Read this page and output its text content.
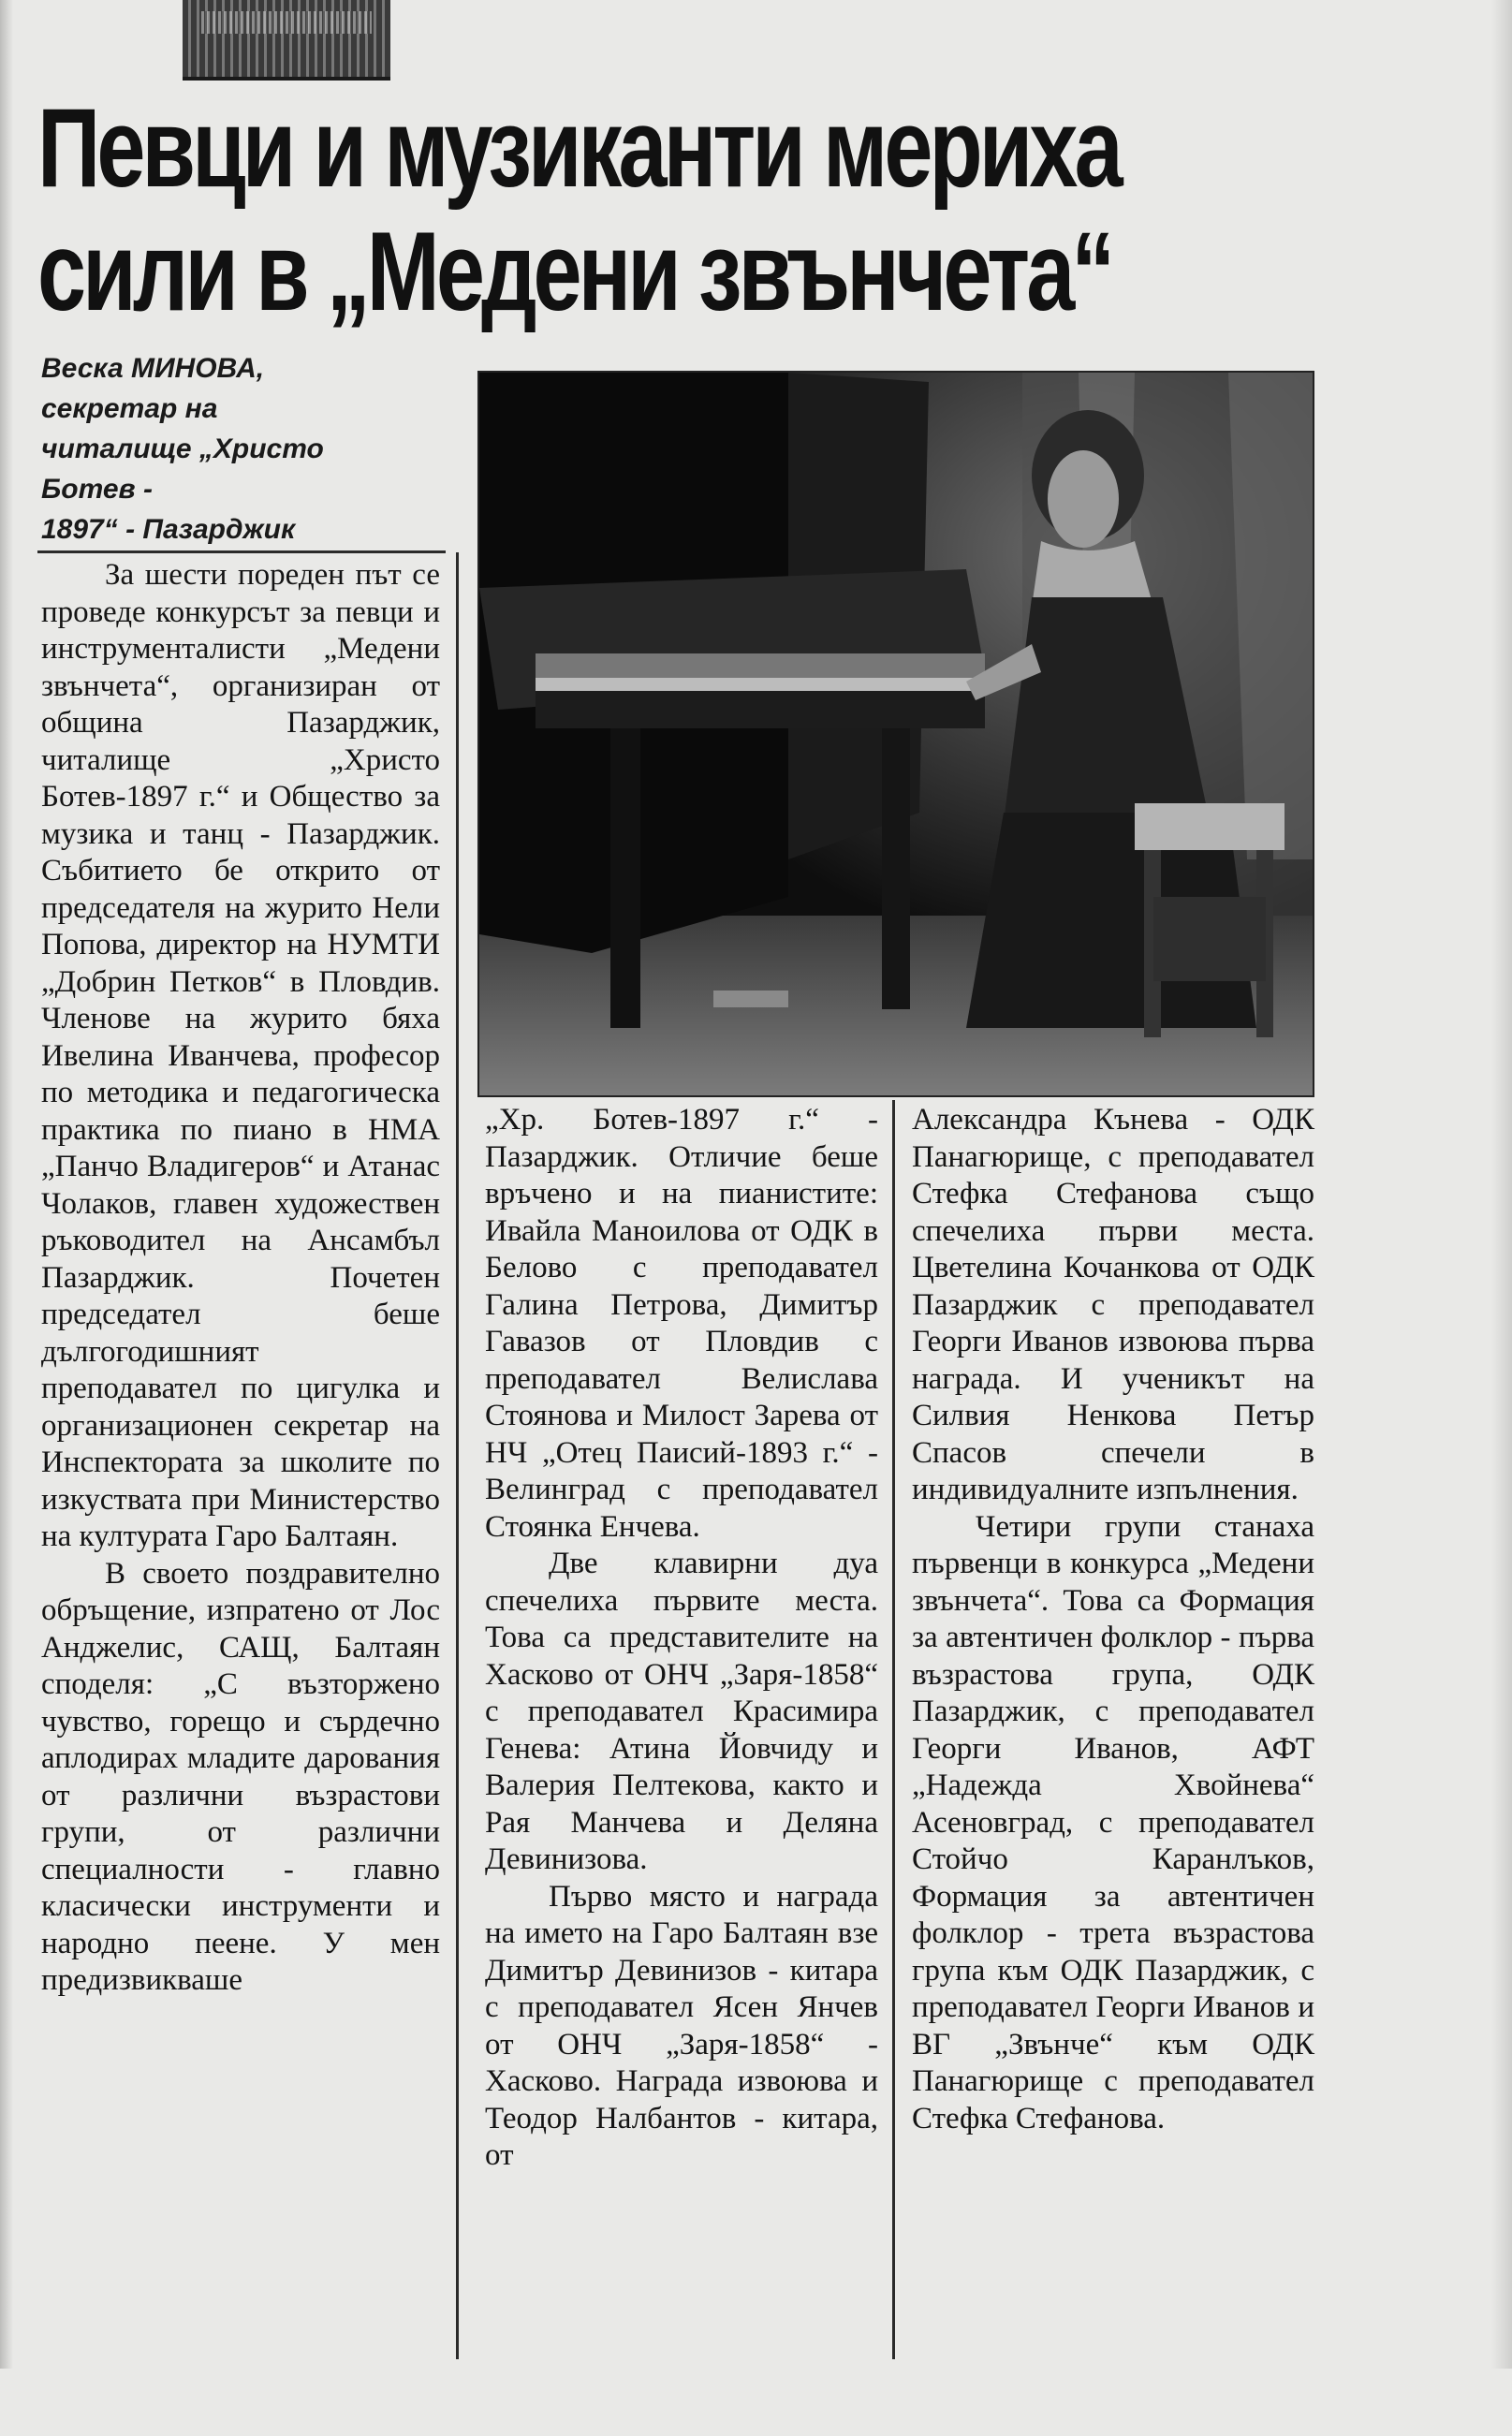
Певци и музиканти мериха
сили в „Медени звънчета“
Веска МИНОВА,
секретар на
читалище „Христо
Ботев -
1897“ - Пазарджик

За шести пореден път се проведе конкурсът за певци и инструменталисти „Медени звънчета“, организиран от община Пазарджик, читалище „Христо Ботев-1897 г.“ и Общество за музика и танц - Пазарджик. Събитието бе открито от председателя на журито Нели Попова, директор на НУМТИ „Добрин Петков“ в Пловдив. Членове на журито бяха Ивелина Иванчева, професор по методика и педагогическа практика по пиано в НМА „Панчо Владигеров“ и Атанас Чолаков, главен художествен ръководител на Ансамбъл Пазарджик. Почетен председател беше дългогодишният преподавател по цигулка и организационен секретар на Инспектората за школите по изкуствата при Министерство на културата Гаро Балтаян.

В своето поздравително обръщение, изпратено от Лос Анджелис, САЩ, Балтаян споделя: „С възторжено чувство, горещо и сърдечно аплодирах младите дарования от различни възрастови групи, от различни специалности - главно класически инструменти и народно пеене. У мен предизвикваше

„Хр. Ботев-1897 г.“ - Пазарджик. Отличие беше връчено и на пианистите: Ивайла Маноилова от ОДК в Белово с преподавател Галина Петрова, Димитър Гавазов от Пловдив с преподавател Велислава Стоянова и Милост Зарева от НЧ „Отец Паисий-1893 г.“ - Велинград с преподавател Стоянка Енчева.

Две клавирни дуа спечелиха първите места. Това са представителите на Хасково от ОНЧ „Заря-1858“ с преподавател Красимира Генева: Атина Йовчиду и Валерия Пелтекова, както и Рая Манчева и Деляна Девинизова.

Първо място и награда на името на Гаро Балтаян взе Димитър Девинизов - китара с преподавател Ясен Янчев от ОНЧ „Заря-1858“ - Хасково. Награда извоюва и Теодор Налбантов - китара, от

Александра Кънева - ОДК Панагюрище, с преподавател Стефка Стефанова също спечелиха първи места. Цветелина Кочанкова от ОДК Пазарджик с преподавател Георги Иванов извоюва първа награда. И ученикът на Силвия Ненкова Петър Спасов спечели в индивидуалните изпълнения.

Четири групи станаха първенци в конкурса „Медени звънчета“. Това са Формация за автентичен фолклор - първа възрастова група, ОДК Пазарджик, с преподавател Георги Иванов, АФТ „Надежда Хвойнева“ Асеновград, с преподавател Стойчо Каранлъков, Формация за автентичен фолклор - трета възрастова група към ОДК Пазарджик, с преподавател Георги Иванов и ВГ „Звънче“ към ОДК Панагюрище с преподавател Стефка Стефанова.
